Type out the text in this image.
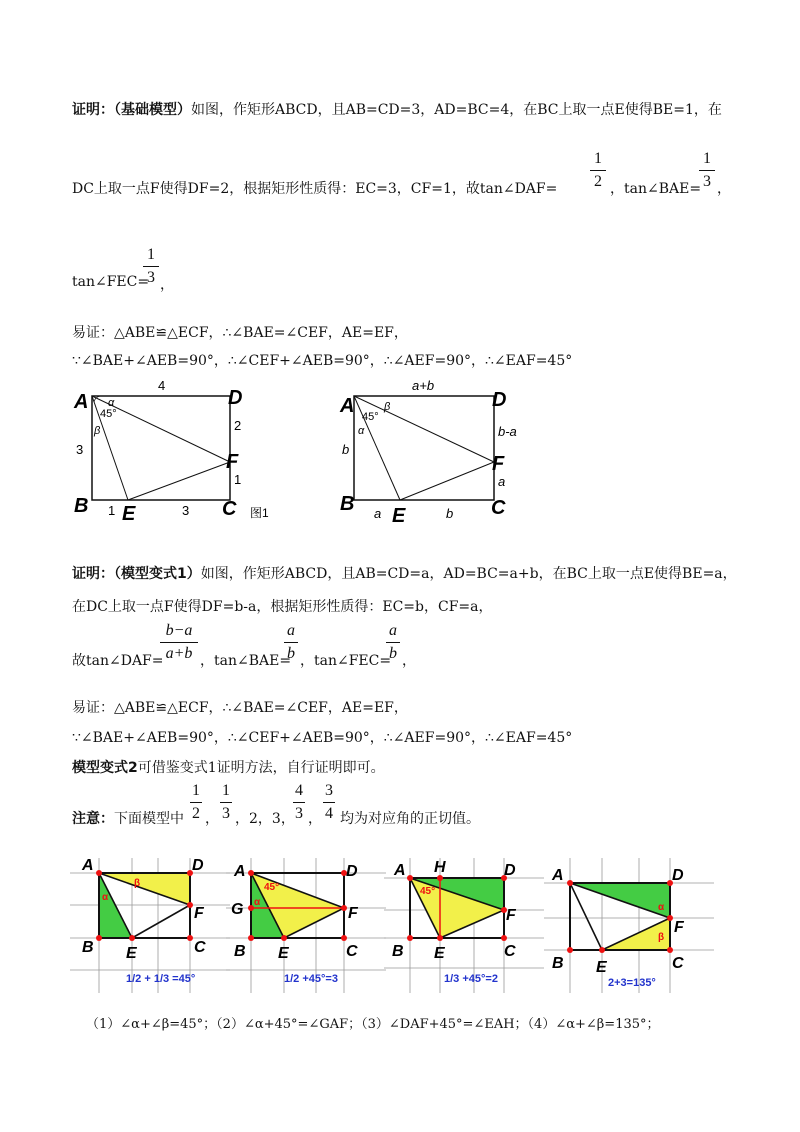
证明：（基础模型）如图，作矩形ABCD，且AB=CD=3，AD=BC=4，在BC上取一点E使得BE=1，在
DC上取一点F使得DF=2，根据矩形性质得：EC=3，CF=1，故tan∠DAF=
1
2 ，tan∠BAE=
1
3 ，
tan∠FEC=
1
3 ，
易证：△ABE≌△ECF，∴∠BAE=∠CEF，AE=EF，
∵∠BAE+∠AEB=90°，∴∠CEF+∠AEB=90°，∴∠AEF=90°，∴∠EAF=45°
A
B	C
D
E
F
4
3
2
1
1	3
α
45°
β
图1
A
B	C
D
E
F
a+b
b
b-a
a
a	b
β
45°
α
证明：（模型变式1）如图，作矩形ABCD，且AB=CD=a，AD=BC=a+b，在BC上取一点E使得BE=a，
在DC上取一点F使得DF=b-a，根据矩形性质得：EC=b，CF=a，
故tan∠DAF=
b−a
a+b ，tan∠BAE=
a
b ，tan∠FEC=
a
b ，
易证：△ABE≌△ECF，∴∠BAE=∠CEF，AE=EF，
∵∠BAE+∠AEB=90°，∴∠CEF+∠AEB=90°，∴∠AEF=90°，∴∠EAF=45°
模型变式2可借鉴变式1证明方法，自行证明即可。
注意：下面模型中
1
2 ，
1
3 ，2，3，
4
3 ，
3
4 均为对应角的正切值。
A	D
F
B	C
E
α
β
1/2 + 1/3 =45°
A	D
G	F
B	C
E
45°
α
1/2 +45°=3
A H	D
F
B	C
E
45°
1/3 +45°=2
A	D
F
B	C
E
α
β
2+3=135°
（1）∠α+∠β=45°；（2）∠α+45°=∠GAF；（3）∠DAF+45°=∠EAH；（4）∠α+∠β=135°；
